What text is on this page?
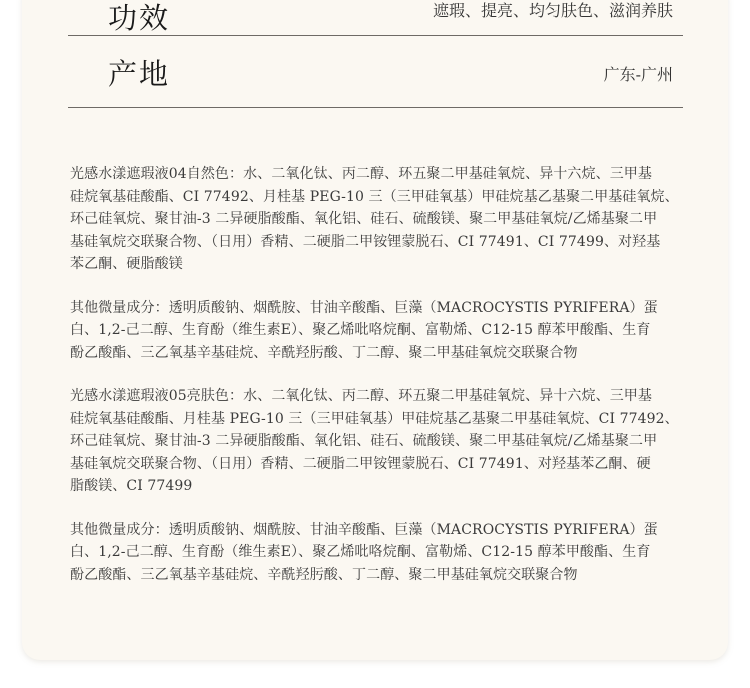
功效	遮瑕、提亮、均匀肤色、滋润养肤
产地	广东-广州
光感水漾遮瑕液04自然色：水、二氧化钛、丙二醇、环五聚二甲基硅氧烷、异十六烷、三甲基
硅烷氧基硅酸酯、CI 77492、月桂基 PEG-10 三（三甲硅氧基）甲硅烷基乙基聚二甲基硅氧烷、
环己硅氧烷、聚甘油-3 二异硬脂酸酯、氧化铝、硅石、硫酸镁、聚二甲基硅氧烷/乙烯基聚二甲
基硅氧烷交联聚合物、（日用）香精、二硬脂二甲铵锂蒙脱石、CI 77491、CI 77499、对羟基
苯乙酮、硬脂酸镁
其他微量成分：透明质酸钠、烟酰胺、甘油辛酸酯、巨藻（MACROCYSTIS PYRIFERA）蛋
白、1,2-己二醇、生育酚（维生素E）、聚乙烯吡咯烷酮、富勒烯、C12-15 醇苯甲酸酯、生育
酚乙酸酯、三乙氧基辛基硅烷、辛酰羟肟酸、丁二醇、聚二甲基硅氧烷交联聚合物
光感水漾遮瑕液05亮肤色：水、二氧化钛、丙二醇、环五聚二甲基硅氧烷、异十六烷、三甲基
硅烷氧基硅酸酯、月桂基 PEG-10 三（三甲硅氧基）甲硅烷基乙基聚二甲基硅氧烷、CI 77492、
环己硅氧烷、聚甘油-3 二异硬脂酸酯、氧化铝、硅石、硫酸镁、聚二甲基硅氧烷/乙烯基聚二甲
基硅氧烷交联聚合物、（日用）香精、二硬脂二甲铵锂蒙脱石、CI 77491、对羟基苯乙酮、硬
脂酸镁、CI 77499
其他微量成分：透明质酸钠、烟酰胺、甘油辛酸酯、巨藻（MACROCYSTIS PYRIFERA）蛋
白、1,2-己二醇、生育酚（维生素E）、聚乙烯吡咯烷酮、富勒烯、C12-15 醇苯甲酸酯、生育
酚乙酸酯、三乙氧基辛基硅烷、辛酰羟肟酸、丁二醇、聚二甲基硅氧烷交联聚合物
